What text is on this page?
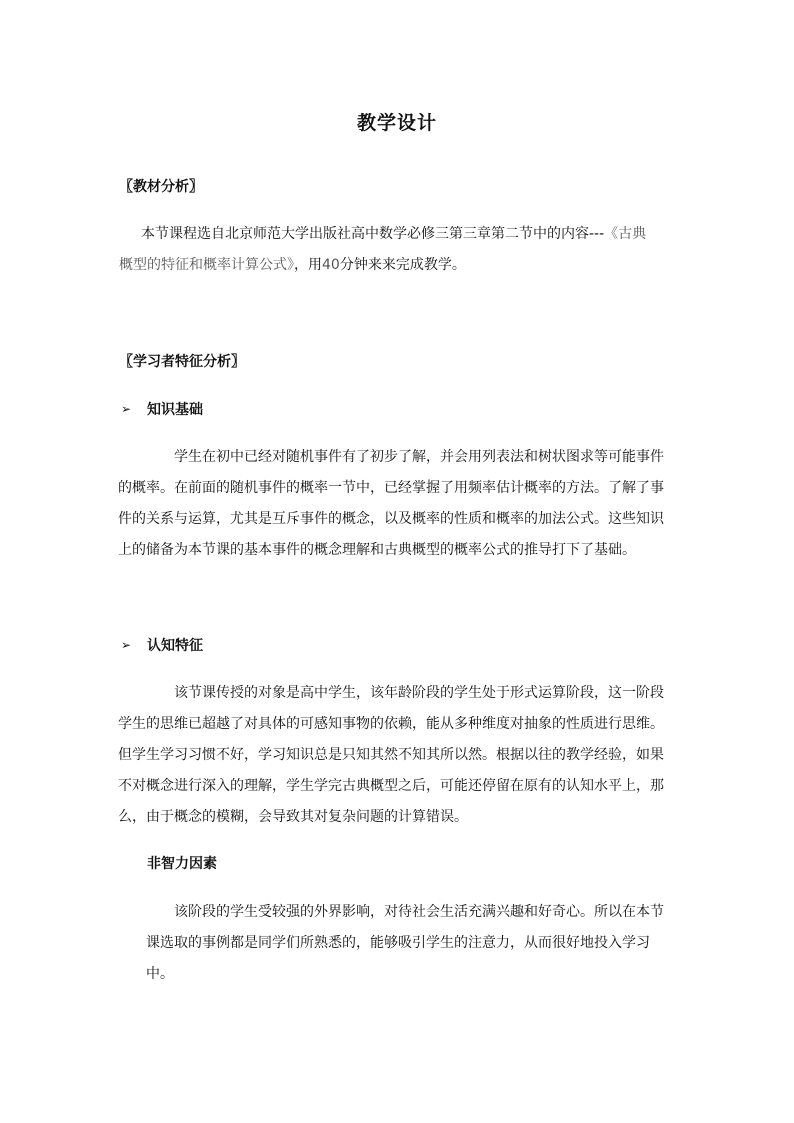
教学设计
〖教材分析〗

本节课程选自北京师范大学出版社高中数学必修三第三章第二节中的内容---《古典概型的特征和概率计算公式》，用40分钟来来完成教学。

〖学习者特征分析〗
➢	知识基础

学生在初中已经对随机事件有了初步了解，并会用列表法和树状图求等可能事件的概率。在前面的随机事件的概率一节中，已经掌握了用频率估计概率的方法。了解了事件的关系与运算，尤其是互斥事件的概念，以及概率的性质和概率的加法公式。这些知识上的储备为本节课的基本事件的概念理解和古典概型的概率公式的推导打下了基础。

➢	认知特征

该节课传授的对象是高中学生，该年龄阶段的学生处于形式运算阶段，这一阶段学生的思维已超越了对具体的可感知事物的依赖，能从多种维度对抽象的性质进行思维。但学生学习习惯不好，学习知识总是只知其然不知其所以然。根据以往的教学经验，如果不对概念进行深入的理解，学生学完古典概型之后，可能还停留在原有的认知水平上，那么，由于概念的模糊，会导致其对复杂问题的计算错误。

非智力因素

该阶段的学生受较强的外界影响，对待社会生活充满兴趣和好奇心。所以在本节课选取的事例都是同学们所熟悉的，能够吸引学生的注意力，从而很好地投入学习中。
